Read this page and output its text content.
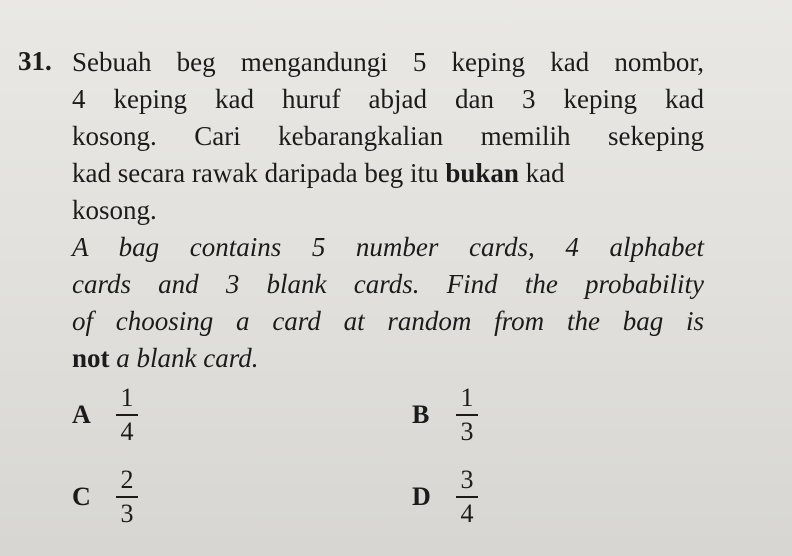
31. Sebuah beg mengandungi 5 keping kad nombor,
4 keping kad huruf abjad dan 3 keping kad
kosong. Cari kebarangkalian memilih sekeping
kad secara rawak daripada beg itu bukan kad
kosong.
A bag contains 5 number cards, 4 alphabet
cards and 3 blank cards. Find the probability
of choosing a card at random from the bag is
not a blank card.
A $\frac{1}{4}$	B	$\frac{1}{3}$
C $\frac{2}{3}$	D $\frac{3}{4}$
